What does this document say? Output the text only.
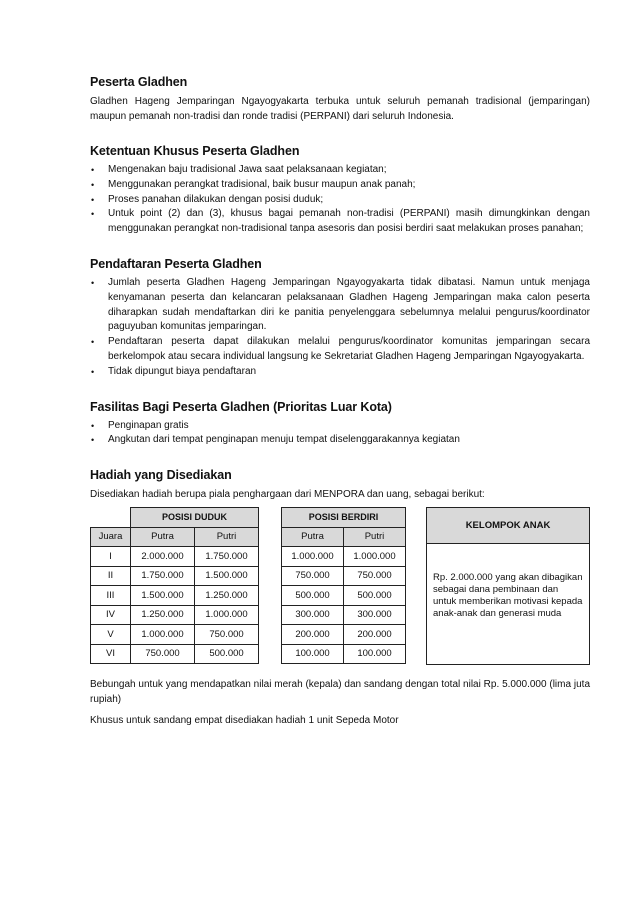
Peserta Gladhen

Gladhen Hageng Jemparingan Ngayogyakarta terbuka untuk seluruh pemanah tradisional (jemparingan) maupun pemanah non-tradisi dan ronde tradisi (PERPANI) dari seluruh Indonesia.

Ketentuan Khusus Peserta Gladhen
• Mengenakan baju tradisional Jawa saat pelaksanaan kegiatan;
• Menggunakan perangkat tradisional, baik busur maupun anak panah;
• Proses panahan dilakukan dengan posisi duduk;
• Untuk point (2) dan (3), khusus bagai pemanah non-tradisi (PERPANI) masih dimungkinkan dengan menggunakan perangkat non-tradisional tanpa asesoris dan posisi berdiri saat melakukan proses panahan;
Pendaftaran Peserta Gladhen
• Jumlah peserta Gladhen Hageng Jemparingan Ngayogyakarta tidak dibatasi. Namun untuk menjaga kenyamanan peserta dan kelancaran pelaksanaan Gladhen Hageng Jemparingan maka calon peserta diharapkan sudah mendaftarkan diri ke panitia penyelenggara sebelumnya melalui pengurus/koordinator paguyuban komunitas jemparingan.
• Pendaftaran peserta dapat dilakukan melalui pengurus/koordinator komunitas jemparingan secara berkelompok atau secara individual langsung ke Sekretariat Gladhen Hageng Jemparingan Ngayogyakarta.
• Tidak dipungut biaya pendaftaran
Fasilitas Bagi Peserta Gladhen (Prioritas Luar Kota)
• Penginapan gratis
• Angkutan dari tempat penginapan menuju tempat diselenggarakannya kegiatan
Hadiah yang Disediakan

Disediakan hadiah berupa piala penghargaan dari MENPORA dan uang, sebagai berikut:

	POSISI DUDUK	
Juara	Putra	Putri
I	2.000.000	1.750.000
II	1.750.000	1.500.000
III	1.500.000	1.250.000
IV	1.250.000	1.000.000
V	1.000.000	750.000
VI	750.000	500.000
POSISI BERDIRI	
Putra	Putri
1.000.000	1.000.000
750.000	750.000
500.000	500.000
300.000	300.000
200.000	200.000
100.000	100.000
KELOMPOK ANAK
Rp. 2.000.000 yang akan dibagikan sebagai dana pembinaan dan untuk memberikan motivasi kepada anak-anak dan generasi muda

Bebungah untuk yang mendapatkan nilai merah (kepala) dan sandang dengan total nilai Rp. 5.000.000 (lima juta rupiah)

Khusus untuk sandang empat disediakan hadiah 1 unit Sepeda Motor
